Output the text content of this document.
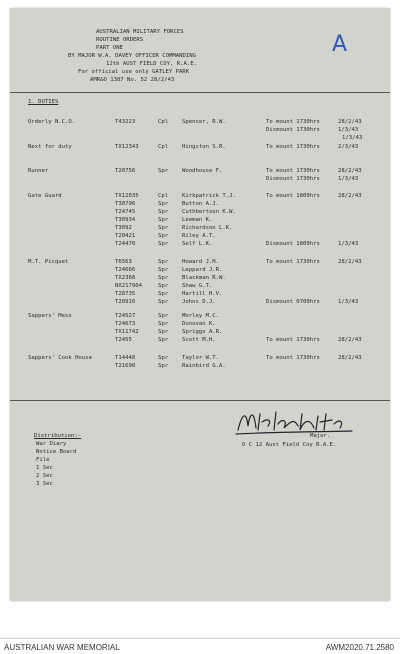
AUSTRALIAN MILITARY FORCES
ROUTINE ORDERS
PART ONE
BY MAJOR W.A. DAVEY OFFICER COMMANDING
12th AUST FIELD COY, R.A.E.
For official use only GATLEY PARK
AMR&O 1387 No. 52 28/2/43
A
1. DUTIES
Orderly N.C.O.	T43223	Cpl Spencer, R.W.	To mount 1730hrs	28/2/43
Dismount 1730hrs	1/3/43
1/3/43
Next for duty	TX12343	Cpl Hingston S.R.	To mount 1730hrs	2/3/43
Runner	T20756	Spr Woodhouse F.	To mount 1730hrs	28/2/43
Dismount 1730hrs	1/3/43
Gate Guard	TX12035	Cpl Kirkpatrick T.J.	To mount 1800hrs	28/2/43
T30796	Spr Button A.J.
T24745	Spr Cuthbertson K.W.
T30934	Spr Leeman K.
T3092	Spr Richardson L.K.
T20421	Spr Riley A.T.
T24470	Spr Self L.K.	Dismount 1800hrs	1/3/43
M.T. Picquet	T6563	Spr Howard J.H.	To mount 1730hrs	28/2/43
T24666	Spr Leppard J.R.
TX2368	Spr Blackman R.W.
NX217904	Spr Shaw G.T.
T28735	Spr Hartill H.V.
T20910	Spr Johns D.J.	Dismount 0700hrs	1/3/43
Sappers' Mess	T24527	Spr Morley M.C.
T24673	Spr Donovan K.
TX11742	Spr Spriggs A.R.
T2455	Spr Scott M.H.	To mount 1730hrs	28/2/43
Sappers' Cook House	T14448	Spr Taylor W.T.	To mount 1730hrs	28/2/43
T21690	Spr Rainbird G.A.
Major.
O C 12 Aust Field Coy R.A.E.
Distribution:-
War Diary
Notice Board
File
1 Sec
2 Sec
3 Sec
AUSTRALIAN WAR MEMORIAL	AWM2020.71.2580
